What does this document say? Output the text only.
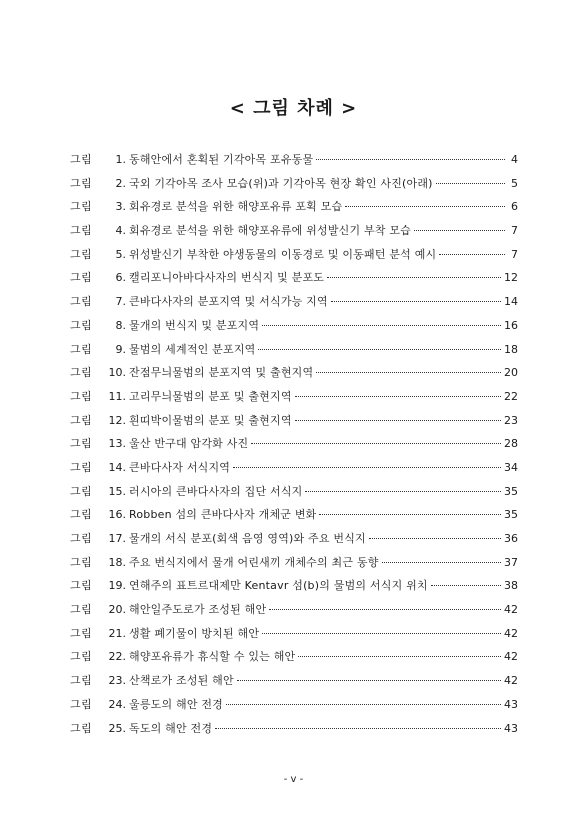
< 그림 차례 >
그림	1. 동해안에서 혼획된 기각아목 포유동물	4
그림	2. 국외 기각아목 조사 모습(위)과 기각아목 현장 확인 사진(아래)	5
그림	3. 회유경로 분석을 위한 해양포유류 포획 모습	6
그림	4. 회유경로 분석을 위한 해양포유류에 위성발신기 부착 모습	7
그림	5. 위성발신기 부착한 야생동물의 이동경로 및 이동패턴 분석 예시	7
그림	6. 캘리포니아바다사자의 번식지 및 분포도	12
그림	7. 큰바다사자의 분포지역 및 서식가능 지역	14
그림	8. 물개의 번식지 및 분포지역	16
그림	9. 물범의 세계적인 분포지역	18
그림	10. 잔점무늬물범의 분포지역 및 출현지역	20
그림	11. 고리무늬물범의 분포 및 출현지역	22
그림	12. 흰띠박이물범의 분포 및 출현지역	23
그림	13. 울산 반구대 암각화 사진	28
그림	14. 큰바다사자 서식지역	34
그림	15. 러시아의 큰바다사자의 집단 서식지	35
그림	16. Robben 섬의 큰바다사자 개체군 변화	35
그림	17. 물개의 서식 분포(회색 음영 영역)와 주요 번식지	36
그림	18. 주요 번식지에서 물개 어린새끼 개체수의 최근 동향	37
그림	19. 연해주의 표트르대제만 Kentavr 섬(b)의 물범의 서식지 위치	38
그림	20. 해안일주도로가 조성된 해안	42
그림	21. 생활 폐기물이 방치된 해안	42
그림	22. 해양포유류가 휴식할 수 있는 해안	42
그림	23. 산책로가 조성된 해안	42
그림	24. 울릉도의 해안 전경	43
그림	25. 독도의 해안 전경	43
- v -
